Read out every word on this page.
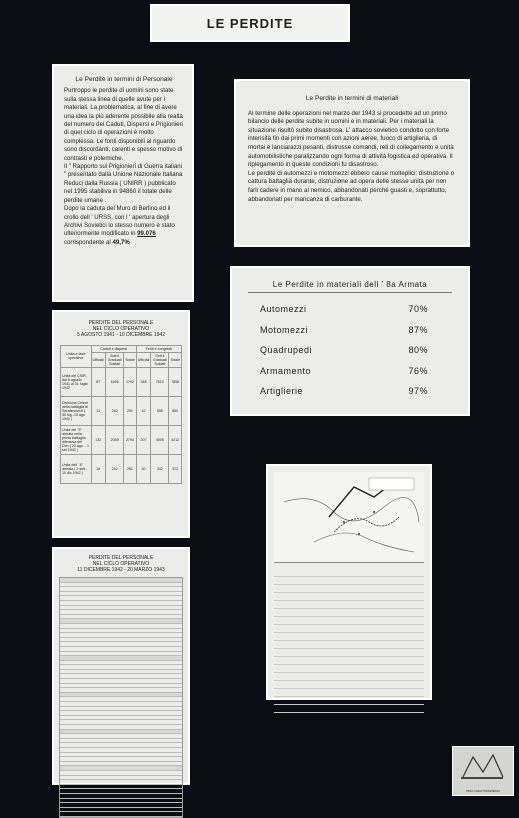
LE PERDITE
Le Perdite in termini di Personale

Purtroppo le perdite di uomini sono state sulla stessa linea di quelle avute per i materiali. La problematica, al fine di avere una idea la più aderente possibile alla realtà del numero dei Caduti, Dispersi e Prigionieri di quel ciclo di operazioni è molto complessa. Le fonti disponibili al riguardo sono discordanti, carenti e spesso motivo di contrasti e polemiche.

Il " Rapporto sui Prigionieri di Guerra italiani " presentato dalla Unione Nazionale Italiana Reduci dalla Russia ( UNIRR ) pubblicato nel 1995 stabiliva in 94860 il totale delle perdite umane .

Dopo la caduta del Muro di Berlino ed il crollo dell ' URSS, con l ' apertura degli Archivi Sovietici lo stesso numero è stato ulteriormente modificato in 99.076 corrispondente al 49,7%

Le Perdite in termini di materiali

Al termine delle operazioni nel marzo del 1943 si procedette ad un primo bilancio delle perdite subite in uomini e in materiali. Per i materiali la situazione risultò subito disastrosa. L' attacco sovietico condotto con forte intensità fin dai primi momenti con azioni aeree, fuoco di artiglieria, di mortai e lanciarazzi pesanti, distrusse comandi, reti di collegamento e unità automobilistiche paralizzando ogni forma di attività logistica ed operativa. Il ripiegamento in queste condizioni fu disastroso.

Le perdite di automezzi e motomezzi ebbero cause molteplici: distruzione o cattura battaglia durante, distruzione ad opera delle stesse unità per non farli cadere in mano al nemico, abbandonati perché guasti e, soprattutto, abbandonati per mancanza di carburante.

Le Perdite in materiali dell ' 8a Armata
Automezzi	70%
Motomezzi	87%
Quadrupedi	80%
Armamento	76%
Artiglierie	97%
PERDITE DEL PERSONALE
NEL CICLO OPERATIVO
5 AGOSTO 1941 - 10 DICEMBRE 1942
Unità e fase operativa	Caduti e dispersi			Feriti e congelati		
	Ufficiali	Sott.li Graduati Soldati	Totale	Ufficiali	Sott.li Graduati Soldati	Totale
Unità del CSIR, dal 5 agosto 1941 al 31 luglio 1942	87	1695	1792	348	7510	7858
Divisione Celere nella battaglia di Serafimovich ( 30 lug.-13 ago 1942 )	11	240	251	42	508	550
Unità del "II" armata nella prima battaglia difensiva del Don ( 20 ago. - 1 set 1942 )	132	2065	2794	207	4005	4212
Unità dell ' 8° armata ( 2 sett - 10 dic 1942 )	18	242	261	30	342	372
PERDITE DEL PERSONALE
NEL CICLO OPERATIVO
11 DICEMBRE 1942 - 20 MARZO 1943
PRO CADUTI/DISPERSI
